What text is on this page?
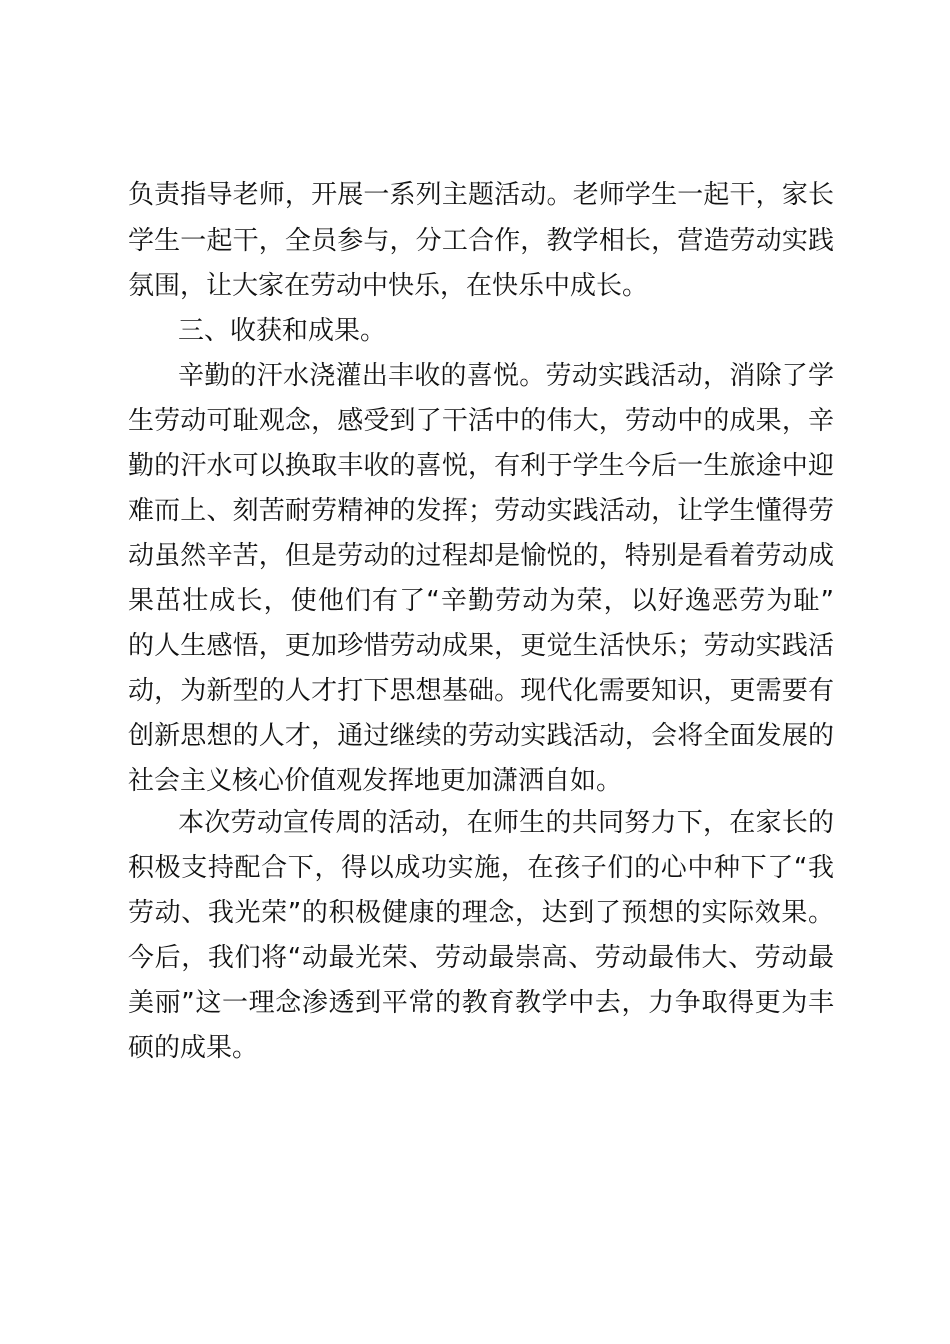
负责指导老师，开展一系列主题活动。老师学生一起干，家长
学生一起干，全员参与，分工合作，教学相长，营造劳动实践
氛围，让大家在劳动中快乐，在快乐中成长。
三、收获和成果。
辛勤的汗水浇灌出丰收的喜悦。劳动实践活动，消除了学
生劳动可耻观念，感受到了干活中的伟大，劳动中的成果，辛
勤的汗水可以换取丰收的喜悦，有利于学生今后一生旅途中迎
难而上、刻苦耐劳精神的发挥；劳动实践活动，让学生懂得劳
动虽然辛苦，但是劳动的过程却是愉悦的，特别是看着劳动成
果茁壮成长，使他们有了“辛勤劳动为荣，以好逸恶劳为耻”
的人生感悟，更加珍惜劳动成果，更觉生活快乐；劳动实践活
动，为新型的人才打下思想基础。现代化需要知识，更需要有
创新思想的人才，通过继续的劳动实践活动，会将全面发展的
社会主义核心价值观发挥地更加潇洒自如。
本次劳动宣传周的活动，在师生的共同努力下，在家长的
积极支持配合下，得以成功实施，在孩子们的心中种下了“我
劳动、我光荣”的积极健康的理念，达到了预想的实际效果。
今后，我们将“动最光荣、劳动最崇高、劳动最伟大、劳动最
美丽”这一理念渗透到平常的教育教学中去，力争取得更为丰
硕的成果。
